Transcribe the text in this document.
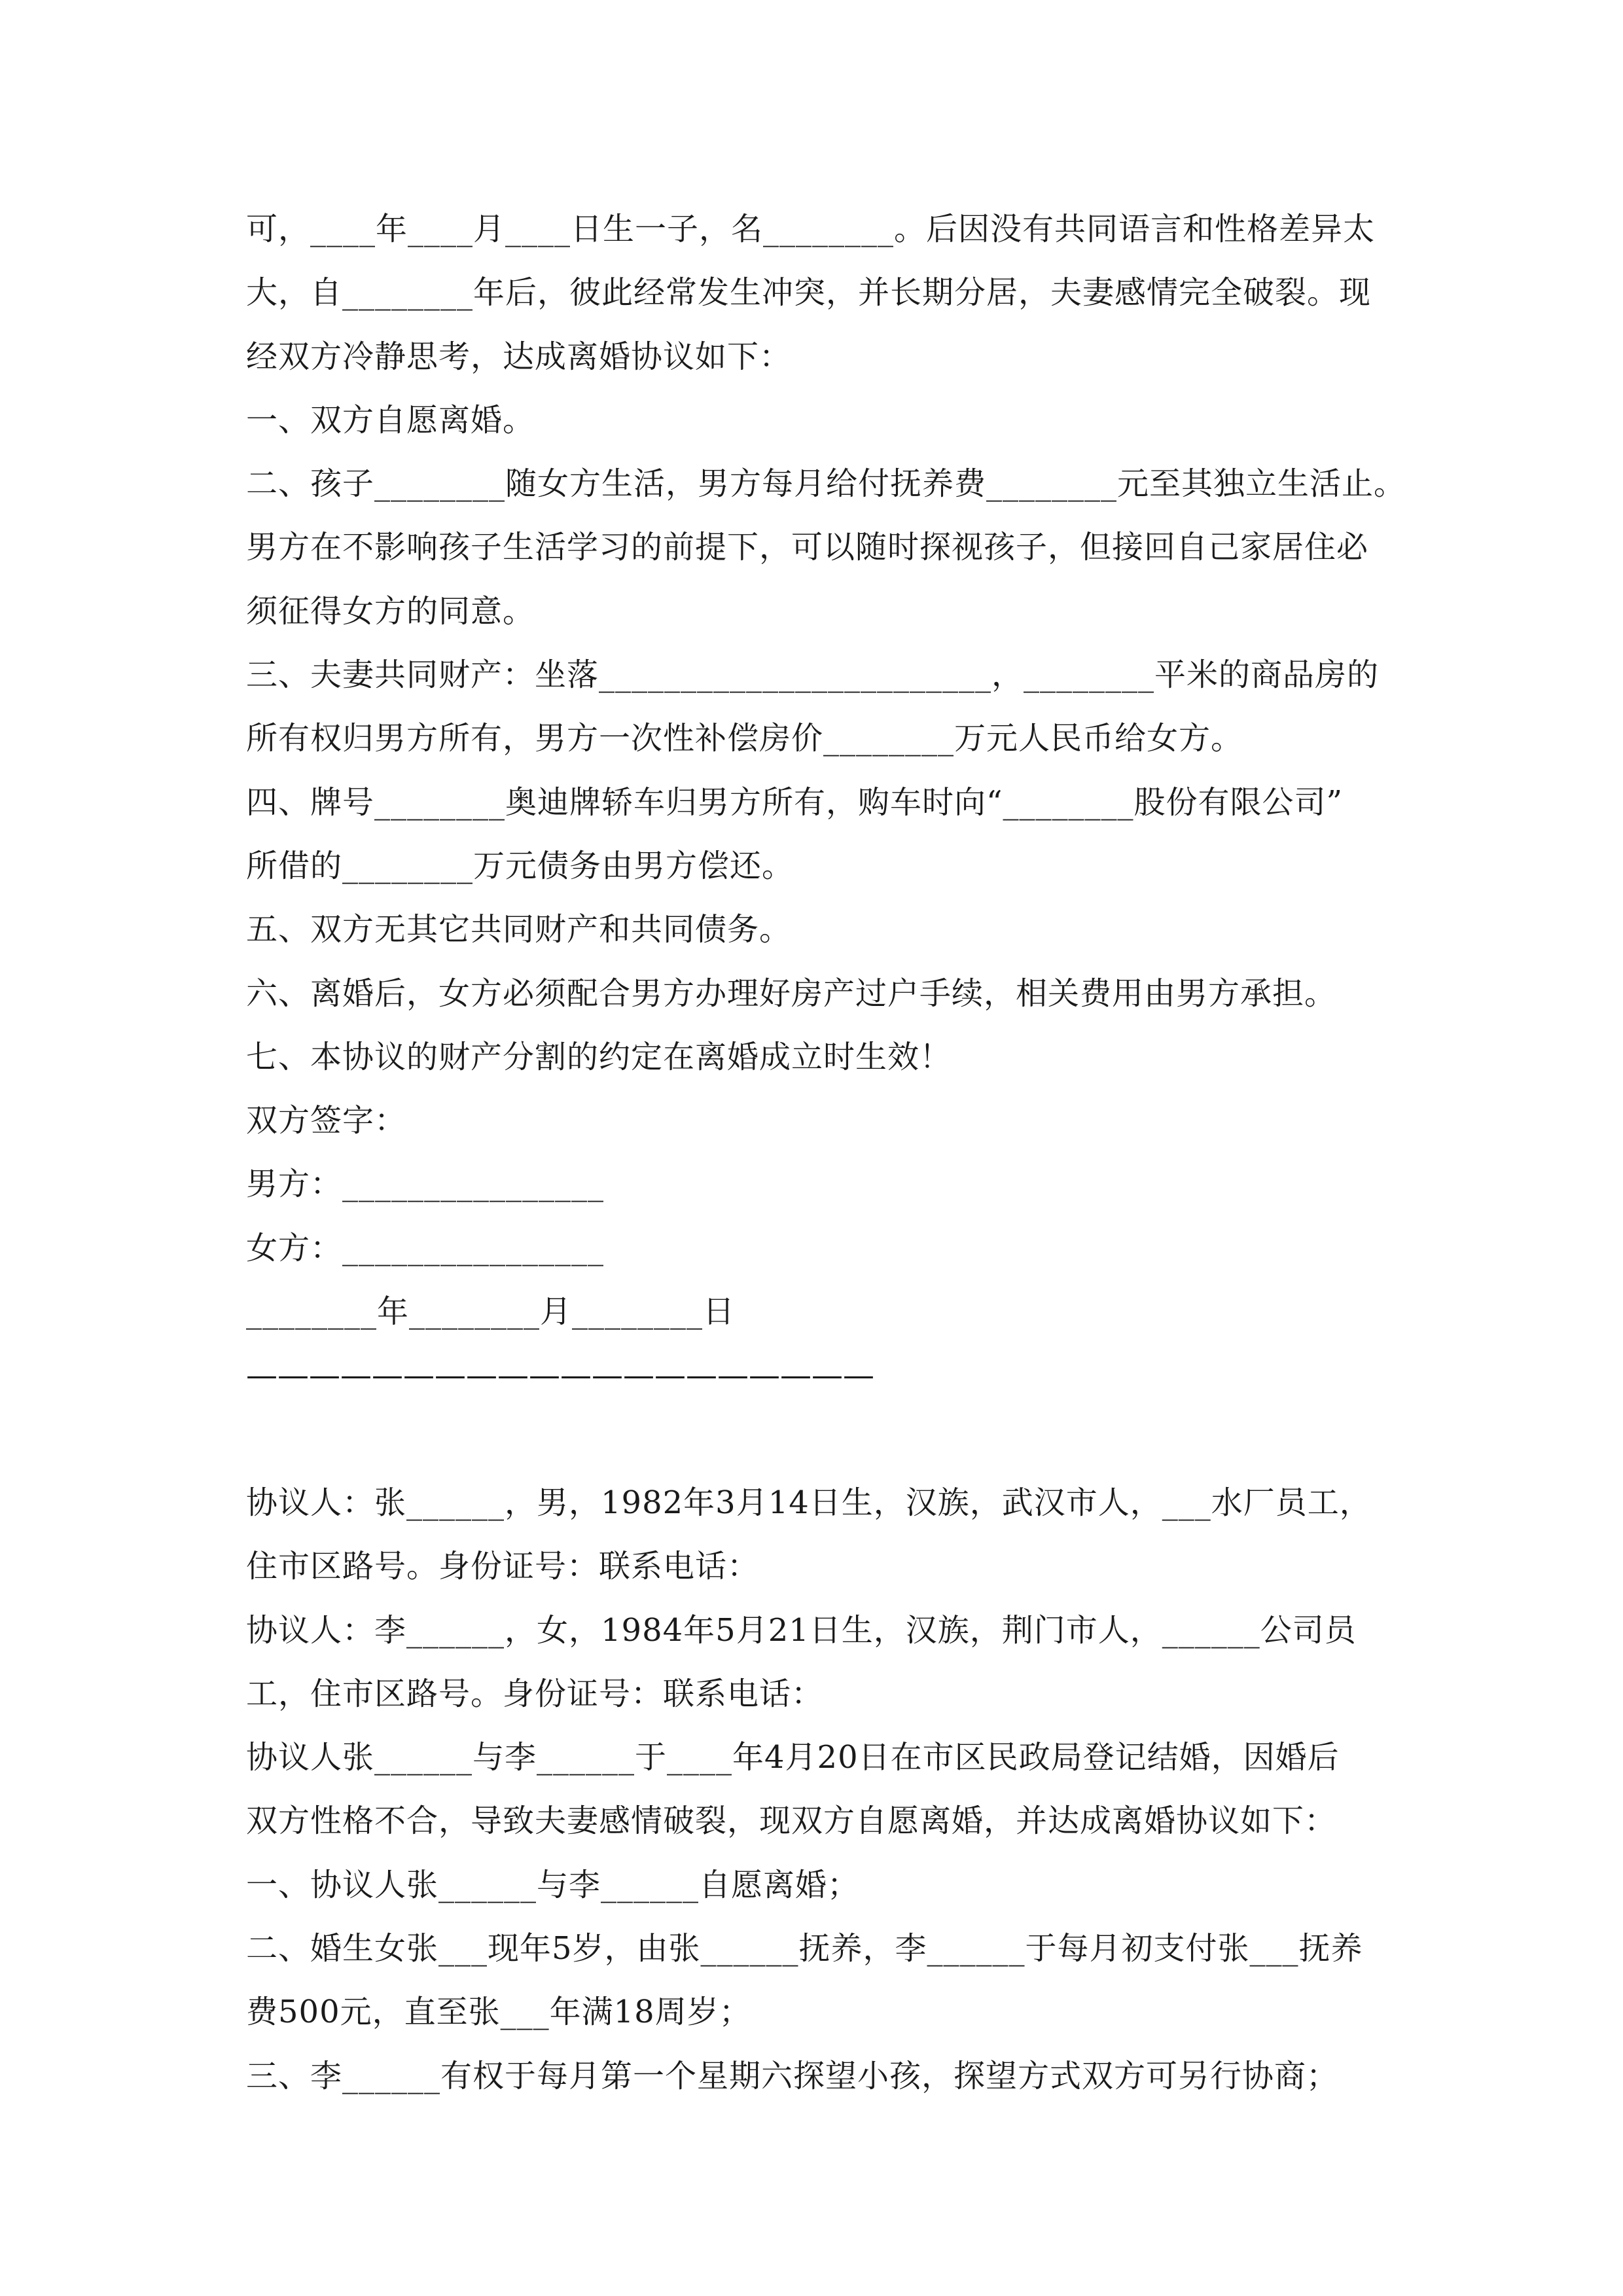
可，____年____月____日生一子，名________。后因没有共同语言和性格差异太
大，自________年后，彼此经常发生冲突，并长期分居，夫妻感情完全破裂。现
经双方冷静思考，达成离婚协议如下：
一、双方自愿离婚。
二、孩子________随女方生活，男方每月给付抚养费________元至其独立生活止。
男方在不影响孩子生活学习的前提下，可以随时探视孩子，但接回自己家居住必
须征得女方的同意。
三、夫妻共同财产：坐落________________________，________平米的商品房的
所有权归男方所有，男方一次性补偿房价________万元人民币给女方。
四、牌号________奥迪牌轿车归男方所有，购车时向“________股份有限公司”
所借的________万元债务由男方偿还。
五、双方无其它共同财产和共同债务。
六、离婚后，女方必须配合男方办理好房产过户手续，相关费用由男方承担。
七、本协议的财产分割的约定在离婚成立时生效！
双方签字：
男方：________________
女方：________________
________年________月________日
————————————————————
协议人：张______，男，1982年3月14日生，汉族，武汉市人，___水厂员工，
住市区路号。身份证号：联系电话：
协议人：李______，女，1984年5月21日生，汉族，荆门市人，______公司员
工，住市区路号。身份证号：联系电话：
协议人张______与李______于____年4月20日在市区民政局登记结婚，因婚后
双方性格不合，导致夫妻感情破裂，现双方自愿离婚，并达成离婚协议如下：
一、协议人张______与李______自愿离婚；
二、婚生女张___现年5岁，由张______抚养，李______于每月初支付张___抚养
费500元，直至张___年满18周岁；
三、李______有权于每月第一个星期六探望小孩，探望方式双方可另行协商；
